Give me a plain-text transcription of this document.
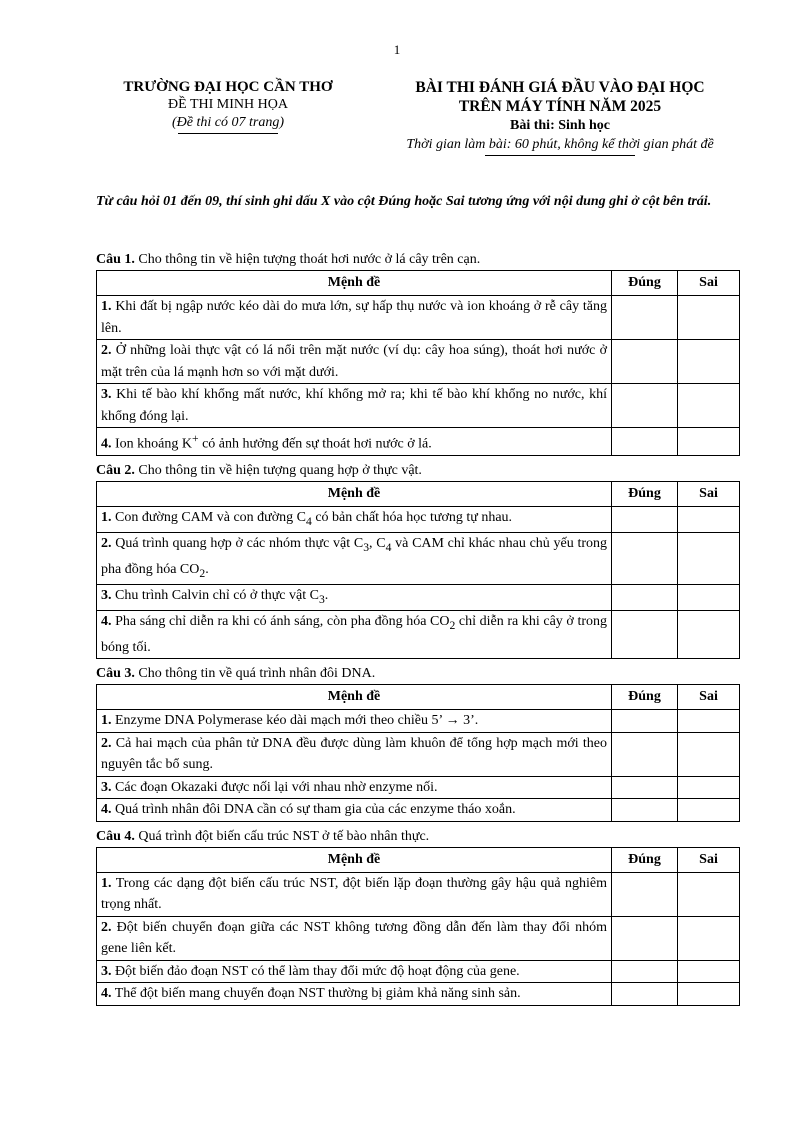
1
TRƯỜNG ĐẠI HỌC CẦN THƠ
ĐỀ THI MINH HỌA
(Đề thi có 07 trang)
BÀI THI ĐÁNH GIÁ ĐẦU VÀO ĐẠI HỌC
TRÊN MÁY TÍNH NĂM 2025
Bài thi: Sinh học
Thời gian làm bài: 60 phút, không kể thời gian phát đề
Từ câu hỏi 01 đến 09, thí sinh ghi dấu X vào cột Đúng hoặc Sai tương ứng với nội dung ghi ở cột bên trái.
Câu 1. Cho thông tin về hiện tượng thoát hơi nước ở lá cây trên cạn.
Mệnh đề	Đúng	Sai
1. Khi đất bị ngập nước kéo dài do mưa lớn, sự hấp thụ nước và ion khoáng ở rễ cây tăng lên.		
2. Ở những loài thực vật có lá nổi trên mặt nước (ví dụ: cây hoa súng), thoát hơi nước ở mặt trên của lá mạnh hơn so với mặt dưới.		
3. Khi tế bào khí khổng mất nước, khí khổng mở ra; khi tế bào khí khổng no nước, khí khổng đóng lại.		
4. Ion khoáng K+ có ảnh hưởng đến sự thoát hơi nước ở lá.		
Câu 2. Cho thông tin về hiện tượng quang hợp ở thực vật.
Mệnh đề	Đúng	Sai
1. Con đường CAM và con đường $C_4$ có bản chất hóa học tương tự nhau.		
2. Quá trình quang hợp ở các nhóm thực vật $C_3$, $C_4$ và CAM chỉ khác nhau chủ yếu trong pha đồng hóa $CO_2$.		
3. Chu trình Calvin chỉ có ở thực vật $C_3$.		
4. Pha sáng chỉ diễn ra khi có ánh sáng, còn pha đồng hóa $CO_2$ chỉ diễn ra khi cây ở trong bóng tối.		
Câu 3. Cho thông tin về quá trình nhân đôi DNA.
Mệnh đề	Đúng	Sai
1. Enzyme DNA Polymerase kéo dài mạch mới theo chiều 5’ → 3’.		
2. Cả hai mạch của phân tử DNA đều được dùng làm khuôn để tổng hợp mạch mới theo nguyên tắc bổ sung.		
3. Các đoạn Okazaki được nối lại với nhau nhờ enzyme nối.		
4. Quá trình nhân đôi DNA cần có sự tham gia của các enzyme tháo xoắn.		
Câu 4. Quá trình đột biến cấu trúc NST ở tế bào nhân thực.
Mệnh đề	Đúng	Sai
1. Trong các dạng đột biến cấu trúc NST, đột biến lặp đoạn thường gây hậu quả nghiêm trọng nhất.		
2. Đột biến chuyển đoạn giữa các NST không tương đồng dẫn đến làm thay đổi nhóm gene liên kết.		
3. Đột biến đảo đoạn NST có thể làm thay đổi mức độ hoạt động của gene.		
4. Thể đột biến mang chuyển đoạn NST thường bị giảm khả năng sinh sản.		
